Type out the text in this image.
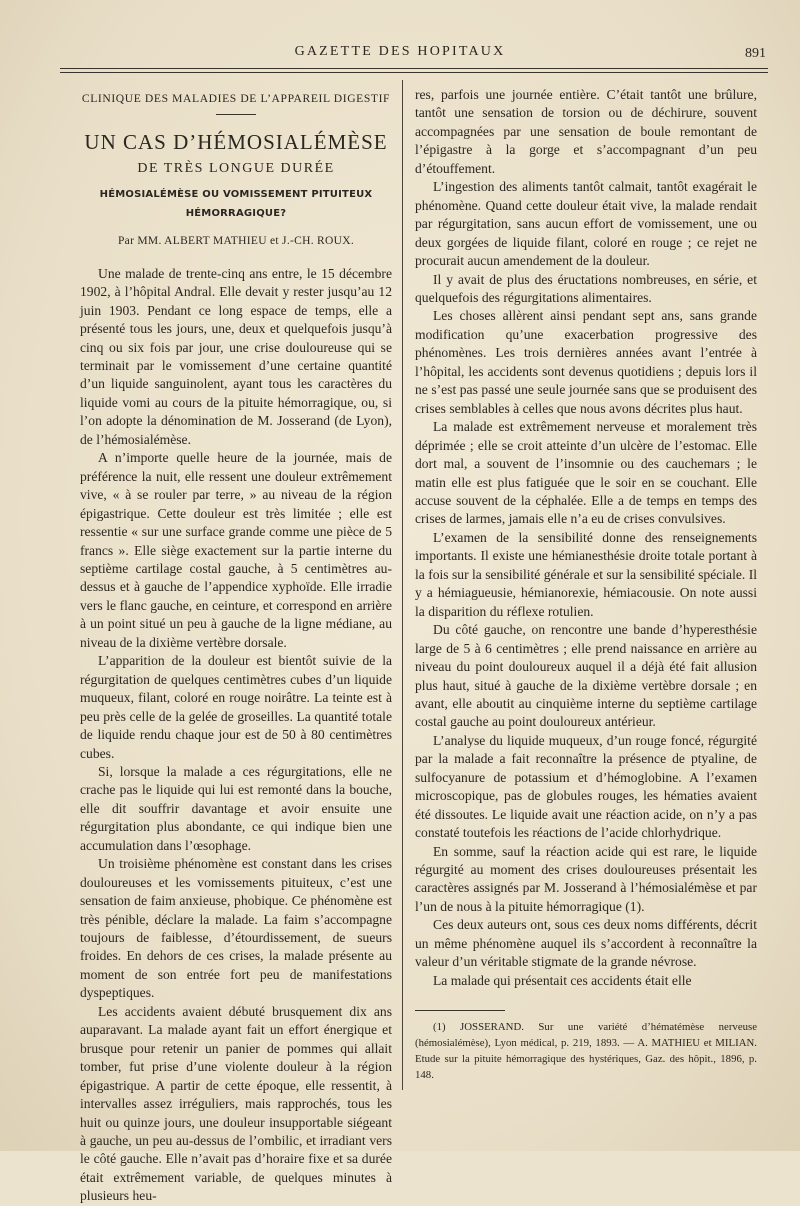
GAZETTE DES HOPITAUX	891
CLINIQUE DES MALADIES DE L’APPAREIL DIGESTIF
UN CAS D’HÉMOSIALÉMÈSE
DE TRÈS LONGUE DURÉE
HÉMOSIALÉMÈSE OU VOMISSEMENT PITUITEUX HÉMORRAGIQUE?
Par MM. ALBERT MATHIEU et J.-CH. ROUX.

Une malade de trente-cinq ans entre, le 15 décembre 1902, à l’hôpital Andral. Elle devait y rester jusqu’au 12 juin 1903. Pendant ce long espace de temps, elle a présenté tous les jours, une, deux et quelquefois jusqu’à cinq ou six fois par jour, une crise douloureuse qui se terminait par le vomissement d’une certaine quantité d’un liquide sanguinolent, ayant tous les caractères du liquide vomi au cours de la pituite hémorragique, ou, si l’on adopte la dénomination de M. Josserand (de Lyon), de l’hémosialémèse.

A n’importe quelle heure de la journée, mais de préférence la nuit, elle ressent une douleur extrêmement vive, « à se rouler par terre, » au niveau de la région épigastrique. Cette douleur est très limitée ; elle est ressentie « sur une surface grande comme une pièce de 5 francs ». Elle siège exactement sur la partie interne du septième cartilage costal gauche, à 5 centimètres au-dessus et à gauche de l’appendice xyphoïde. Elle irradie vers le flanc gauche, en ceinture, et correspond en arrière à un point situé un peu à gauche de la ligne médiane, au niveau de la dixième vertèbre dorsale.

L’apparition de la douleur est bientôt suivie de la régurgitation de quelques centimètres cubes d’un liquide muqueux, filant, coloré en rouge noirâtre. La teinte est à peu près celle de la gelée de groseilles. La quantité totale de liquide rendu chaque jour est de 50 à 80 centimètres cubes.

Si, lorsque la malade a ces régurgitations, elle ne crache pas le liquide qui lui est remonté dans la bouche, elle dit souffrir davantage et avoir ensuite une régurgitation plus abondante, ce qui indique bien une accumulation dans l’œsophage.

Un troisième phénomène est constant dans les crises douloureuses et les vomissements pituiteux, c’est une sensation de faim anxieuse, phobique. Ce phénomène est très pénible, déclare la malade. La faim s’accompagne toujours de faiblesse, d’étourdissement, de sueurs froides. En dehors de ces crises, la malade présente au moment de son entrée fort peu de manifestations dyspeptiques.

Les accidents avaient débuté brusquement dix ans auparavant. La malade ayant fait un effort énergique et brusque pour retenir un panier de pommes qui allait tomber, fut prise d’une violente douleur à la région épigastrique. A partir de cette époque, elle ressentit, à intervalles assez irréguliers, mais rapprochés, tous les huit ou quinze jours, une douleur insupportable siégeant à gauche, un peu au-dessus de l’ombilic, et irradiant vers le côté gauche. Elle n’avait pas d’horaire fixe et sa durée était extrêmement variable, de quelques minutes à plusieurs heu-

res, parfois une journée entière. C’était tantôt une brûlure, tantôt une sensation de torsion ou de déchirure, souvent accompagnées par une sensation de boule remontant de l’épigastre à la gorge et s’accompagnant d’un peu d’étouffement.

L’ingestion des aliments tantôt calmait, tantôt exagérait le phénomène. Quand cette douleur était vive, la malade rendait par régurgitation, sans aucun effort de vomissement, une ou deux gorgées de liquide filant, coloré en rouge ; ce rejet ne procurait aucun amendement de la douleur.

Il y avait de plus des éructations nombreuses, en série, et quelquefois des régurgitations alimentaires.

Les choses allèrent ainsi pendant sept ans, sans grande modification qu’une exacerbation progressive des phénomènes. Les trois dernières années avant l’entrée à l’hôpital, les accidents sont devenus quotidiens ; depuis lors il ne s’est pas passé une seule journée sans que se produisent des crises semblables à celles que nous avons décrites plus haut.

La malade est extrêmement nerveuse et moralement très déprimée ; elle se croit atteinte d’un ulcère de l’estomac. Elle dort mal, a souvent de l’insomnie ou des cauchemars ; le matin elle est plus fatiguée que le soir en se couchant. Elle accuse souvent de la céphalée. Elle a de temps en temps des crises de larmes, jamais elle n’a eu de crises convulsives.

L’examen de la sensibilité donne des renseignements importants. Il existe une hémianesthésie droite totale portant à la fois sur la sensibilité générale et sur la sensibilité spéciale. Il y a hémiagueusie, hémianorexie, hémiacousie. On note aussi la disparition du réflexe rotulien.

Du côté gauche, on rencontre une bande d’hyperesthésie large de 5 à 6 centimètres ; elle prend naissance en arrière au niveau du point douloureux auquel il a déjà été fait allusion plus haut, situé à gauche de la dixième vertèbre dorsale ; en avant, elle aboutit au cinquième interne du septième cartilage costal gauche au point douloureux antérieur.

L’analyse du liquide muqueux, d’un rouge foncé, régurgité par la malade a fait reconnaître la présence de ptyaline, de sulfocyanure de potassium et d’hémoglobine. A l’examen microscopique, pas de globules rouges, les hématies avaient été dissoutes. Le liquide avait une réaction acide, on n’y a pas constaté toutefois les réactions de l’acide chlorhydrique.

En somme, sauf la réaction acide qui est rare, le liquide régurgité au moment des crises douloureuses présentait les caractères assignés par M. Josserand à l’hémosialémèse et par l’un de nous à la pituite hémorragique (1).

Ces deux auteurs ont, sous ces deux noms différents, décrit un même phénomène auquel ils s’accordent à reconnaître la valeur d’un véritable stigmate de la grande névrose.

La malade qui présentait ces accidents était elle

(1) JOSSERAND. Sur une variété d’hématémèse nerveuse (hémosialémèse), Lyon médical, p. 219, 1893. — A. MATHIEU et MILIAN. Etude sur la pituite hémorragique des hystériques, Gaz. des hôpit., 1896, p. 148.
